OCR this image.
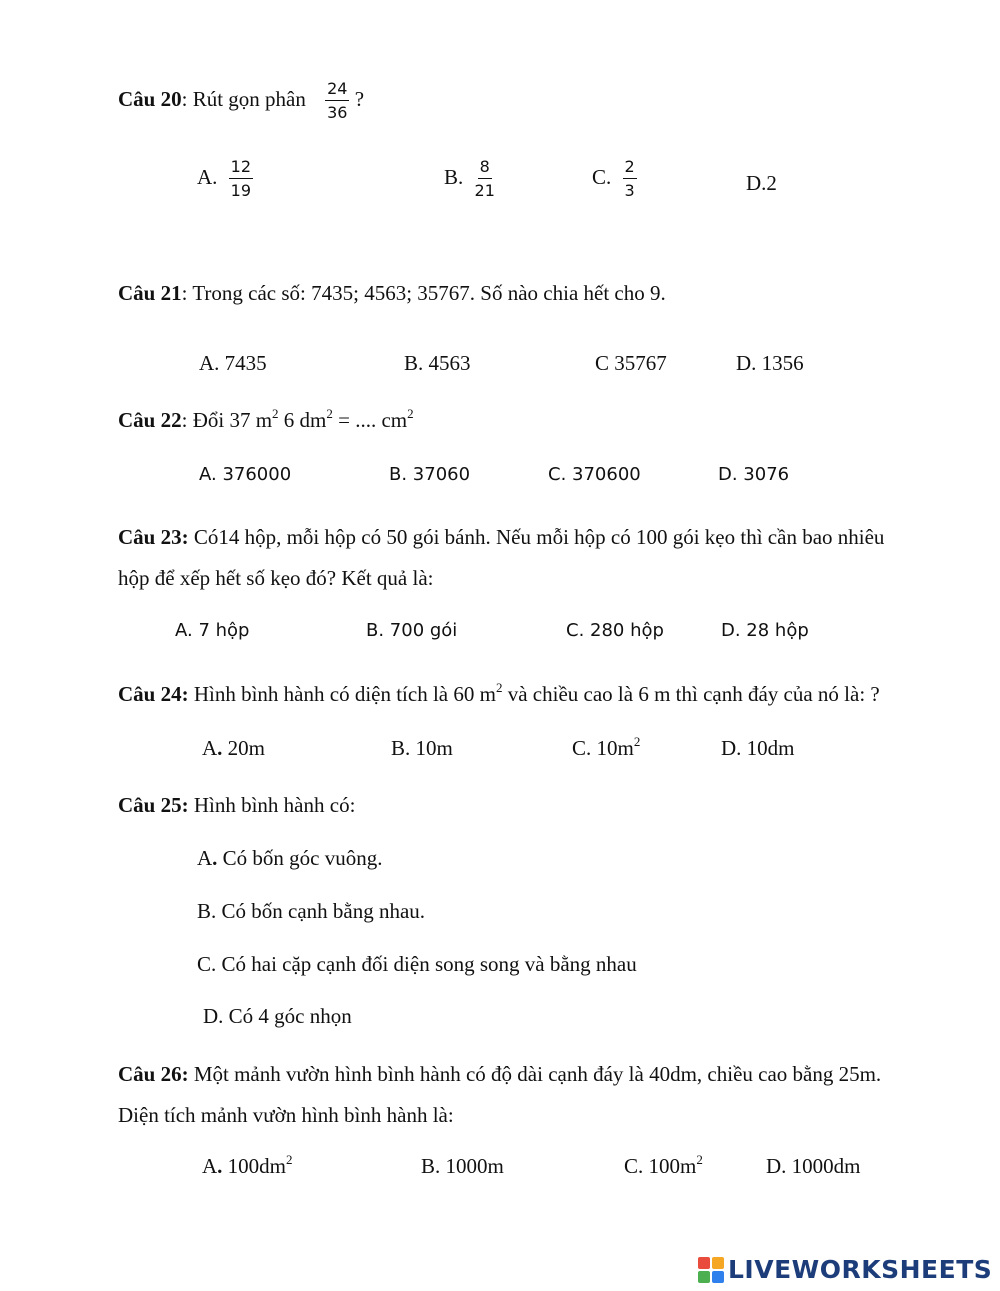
Câu 20: Rút gọn phân $\frac{24}{36}$ ?
A. $\frac{12}{19}$	B. $\frac{8}{21}$	C. $\frac{2}{3}$	D.2
Câu 21: Trong các số: 7435; 4563; 35767. Số nào chia hết cho 9.
A. 7435	B. 4563	C 35767	D. 1356
Câu 22: Đổi 37 $m^2$ 6 $dm^2$ = .... $cm^2$
A. 376000	B. 37060	C. 370600	D. 3076
Câu 23: Có14 hộp, mỗi hộp có 50 gói bánh. Nếu mỗi hộp có 100 gói kẹo thì cần bao nhiêu
hộp để xếp hết số kẹo đó? Kết quả là:
A. 7 hộp	B. 700 gói	C. 280 hộp	D. 28 hộp
Câu 24: Hình bình hành có diện tích là 60 $m^2$ và chiều cao là 6 m thì cạnh đáy của nó là: ?
A. 20m	B. 10m	C. $10m^2$	D. 10dm
Câu 25: Hình bình hành có:
A. Có bốn góc vuông.
B. Có bốn cạnh bằng nhau.
C. Có hai cặp cạnh đối diện song song và bằng nhau
D. Có 4 góc nhọn
Câu 26: Một mảnh vườn hình bình hành có độ dài cạnh đáy là 40dm, chiều cao bằng 25m.
Diện tích mảnh vườn hình bình hành là:
A. $100dm^2$	B. 1000m	C. $100m^2$	D. 1000dm
LIVEWORKSHEETS
